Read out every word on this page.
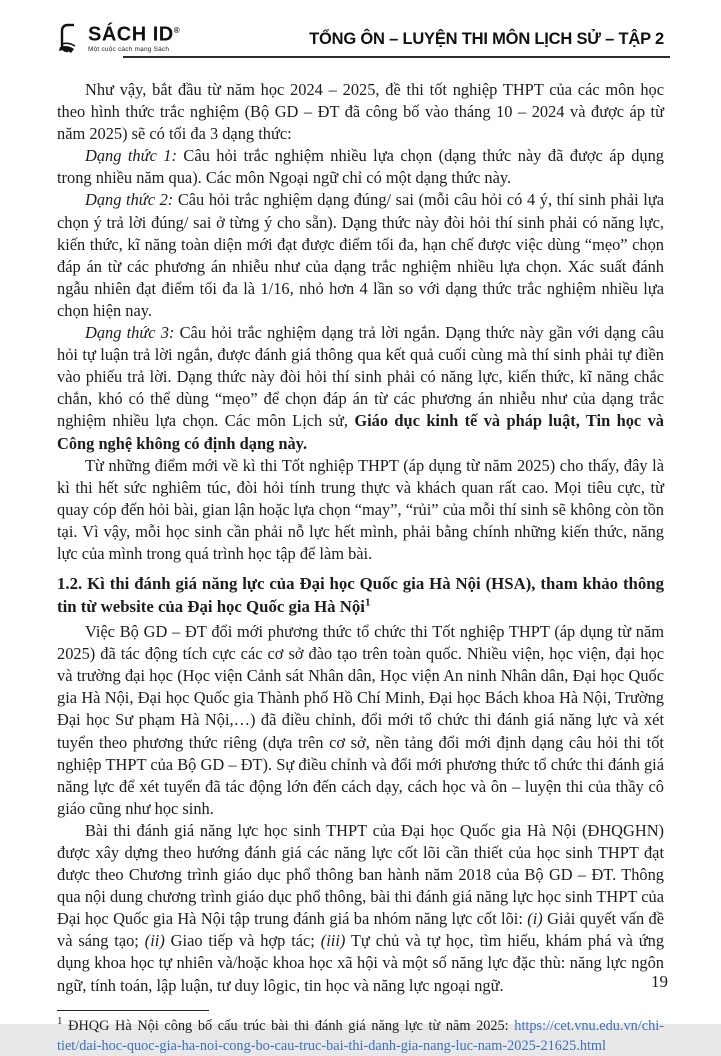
SÁCH ID®
Một cuộc cách mạng Sách
TỔNG ÔN – LUYỆN THI MÔN LỊCH SỬ – TẬP 2

Như vậy, bắt đầu từ năm học 2024 – 2025, đề thi tốt nghiệp THPT của các môn học theo hình thức trắc nghiệm (Bộ GD – ĐT đã công bố vào tháng 10 – 2024 và được áp từ năm 2025) sẽ có tối đa 3 dạng thức:

Dạng thức 1: Câu hỏi trắc nghiệm nhiều lựa chọn (dạng thức này đã được áp dụng trong nhiều năm qua). Các môn Ngoại ngữ chỉ có một dạng thức này.

Dạng thức 2: Câu hỏi trắc nghiệm dạng đúng/ sai (mỗi câu hỏi có 4 ý, thí sinh phải lựa chọn ý trả lời đúng/ sai ở từng ý cho sẵn). Dạng thức này đòi hỏi thí sinh phải có năng lực, kiến thức, kĩ năng toàn diện mới đạt được điểm tối đa, hạn chế được việc dùng “mẹo” chọn đáp án từ các phương án nhiễu như của dạng trắc nghiệm nhiều lựa chọn. Xác suất đánh ngẫu nhiên đạt điểm tối đa là 1/16, nhỏ hơn 4 lần so với dạng thức trắc nghiệm nhiều lựa chọn hiện nay.

Dạng thức 3: Câu hỏi trắc nghiệm dạng trả lời ngắn. Dạng thức này gần với dạng câu hỏi tự luận trả lời ngắn, được đánh giá thông qua kết quả cuối cùng mà thí sinh phải tự điền vào phiếu trả lời. Dạng thức này đòi hỏi thí sinh phải có năng lực, kiến thức, kĩ năng chắc chắn, khó có thể dùng “mẹo” để chọn đáp án từ các phương án nhiễu như của dạng trắc nghiệm nhiều lựa chọn. Các môn Lịch sử, Giáo dục kinh tế và pháp luật, Tin học và Công nghệ không có định dạng này.

Từ những điểm mới về kì thi Tốt nghiệp THPT (áp dụng từ năm 2025) cho thấy, đây là kì thi hết sức nghiêm túc, đòi hỏi tính trung thực và khách quan rất cao. Mọi tiêu cực, từ quay cóp đến hỏi bài, gian lận hoặc lựa chọn “may”, “rủi” của mỗi thí sinh sẽ không còn tồn tại. Vì vậy, mỗi học sinh cần phải nỗ lực hết mình, phải bằng chính những kiến thức, năng lực của mình trong quá trình học tập để làm bài.

1.2. Kì thi đánh giá năng lực của Đại học Quốc gia Hà Nội (HSA), tham khảo thông tin từ website của Đại học Quốc gia Hà Nội$^1$

Việc Bộ GD – ĐT đổi mới phương thức tổ chức thi Tốt nghiệp THPT (áp dụng từ năm 2025) đã tác động tích cực các cơ sở đào tạo trên toàn quốc. Nhiều viện, học viện, đại học và trường đại học (Học viện Cảnh sát Nhân dân, Học viện An ninh Nhân dân, Đại học Quốc gia Hà Nội, Đại học Quốc gia Thành phố Hồ Chí Minh, Đại học Bách khoa Hà Nội, Trường Đại học Sư phạm Hà Nội,…) đã điều chỉnh, đổi mới tổ chức thi đánh giá năng lực và xét tuyển theo phương thức riêng (dựa trên cơ sở, nền tảng đổi mới định dạng câu hỏi thi tốt nghiệp THPT của Bộ GD – ĐT). Sự điều chỉnh và đổi mới phương thức tổ chức thi đánh giá năng lực để xét tuyển đã tác động lớn đến cách dạy, cách học và ôn – luyện thi của thầy cô giáo cũng như học sinh.

Bài thi đánh giá năng lực học sinh THPT của Đại học Quốc gia Hà Nội (ĐHQGHN) được xây dựng theo hướng đánh giá các năng lực cốt lõi cần thiết của học sinh THPT đạt được theo Chương trình giáo dục phổ thông ban hành năm 2018 của Bộ GD – ĐT. Thông qua nội dung chương trình giáo dục phổ thông, bài thi đánh giá năng lực học sinh THPT của Đại học Quốc gia Hà Nội tập trung đánh giá ba nhóm năng lực cốt lõi: (i) Giải quyết vấn đề và sáng tạo; (ii) Giao tiếp và hợp tác; (iii) Tự chủ và tự học, tìm hiểu, khám phá và ứng dụng khoa học tự nhiên và/hoặc khoa học xã hội và một số năng lực đặc thù: năng lực ngôn ngữ, tính toán, lập luận, tư duy lôgic, tin học và năng lực ngoại ngữ.

$^1$ ĐHQG Hà Nội công bố cấu trúc bài thi đánh giá năng lực từ năm 2025: https://cet.vnu.edu.vn/chi-tiet/dai-hoc-quoc-gia-ha-noi-cong-bo-cau-truc-bai-thi-danh-gia-nang-luc-nam-2025-21625.html
19
